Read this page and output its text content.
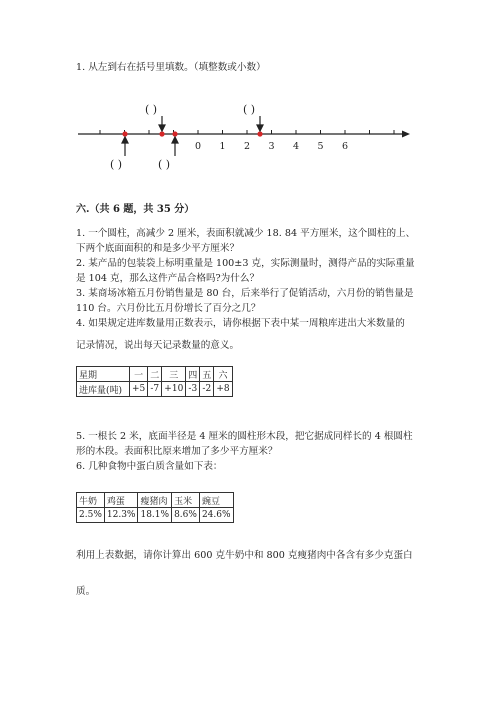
1. 从左到右在括号里填数。（填整数或小数）
0 1 2 3 4 5 6
( )	( )
( )	( )
六.（共 6 题，共 35 分）
1. 一个圆柱，高减少 2 厘米，表面积就减少 18. 84 平方厘米，这个圆柱的上、
下两个底面面积的和是多少平方厘米？
2. 某产品的包装袋上标明重量是 100±3 克，实际测量时，测得产品的实际重量
是 104 克，那么这件产品合格吗?为什么？
3. 某商场冰箱五月份销售量是 80 台，后来举行了促销活动，六月份的销售量是
110 台。六月份比五月份增长了百分之几？
4. 如果规定进库数量用正数表示，请你根据下表中某一周粮库进出大米数量的
记录情况，说出每天记录数量的意义。
星期	一	二	三	四	五	六
进库量(吨)	+5	-7	+10	-3	-2	+8
5. 一根长 2 米，底面半径是 4 厘米的圆柱形木段，把它据成同样长的 4 根圆柱
形的木段。表面积比原来增加了多少平方厘米？
6. 几种食物中蛋白质含量如下表：
牛奶	鸡蛋	瘦猪肉	玉米	豌豆
2.5%	12.3%	18.1%	8.6%	24.6%
利用上表数据，请你计算出 600 克牛奶中和 800 克瘦猪肉中各含有多少克蛋白
质。
